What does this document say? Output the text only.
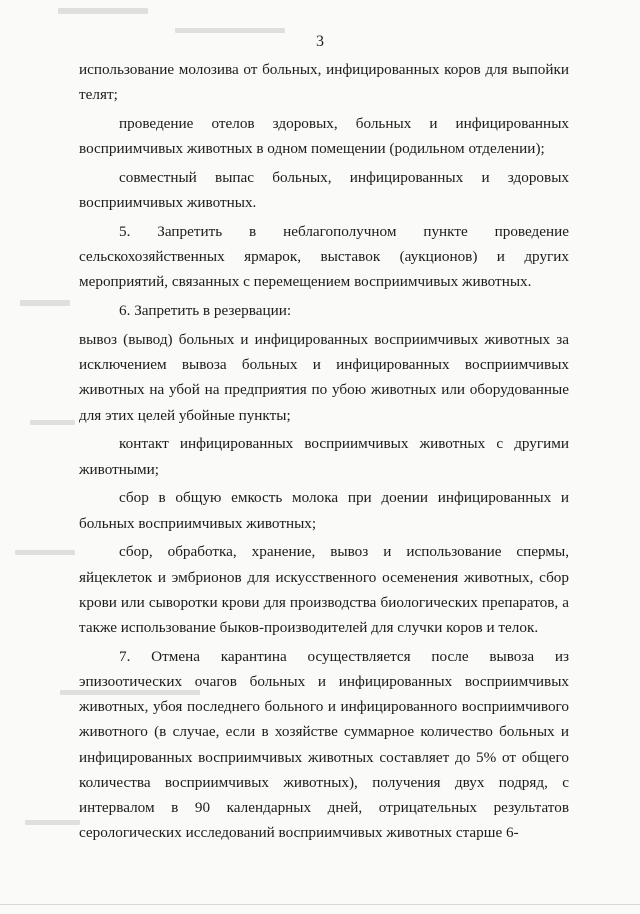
3

использование молозива от больных, инфицированных коров для выпойки телят;

проведение отелов здоровых, больных и инфицированных восприимчивых животных в одном помещении (родильном отделении);

совместный выпас больных, инфицированных и здоровых восприимчивых животных.

5. Запретить в неблагополучном пункте проведение сельскохозяйственных ярмарок, выставок (аукционов) и других мероприятий, связанных с перемещением восприимчивых животных.

6. Запретить в резервации:

вывоз (вывод) больных и инфицированных восприимчивых животных за исключением вывоза больных и инфицированных восприимчивых животных на убой на предприятия по убою животных или оборудованные для этих целей убойные пункты;

контакт инфицированных восприимчивых животных с другими животными;

сбор в общую емкость молока при доении инфицированных и больных восприимчивых животных;

сбор, обработка, хранение, вывоз и использование спермы, яйцеклеток и эмбрионов для искусственного осеменения животных, сбор крови или сыворотки крови для производства биологических препаратов, а также использование быков-производителей для случки коров и телок.

7. Отмена карантина осуществляется после вывоза из эпизоотических очагов больных и инфицированных восприимчивых животных, убоя последнего больного и инфицированного восприимчивого животного (в случае, если в хозяйстве суммарное количество больных и инфицированных восприимчивых животных составляет до 5% от общего количества восприимчивых животных), получения двух подряд, с интервалом в 90 календарных дней, отрицательных результатов серологических исследований восприимчивых животных старше 6-
